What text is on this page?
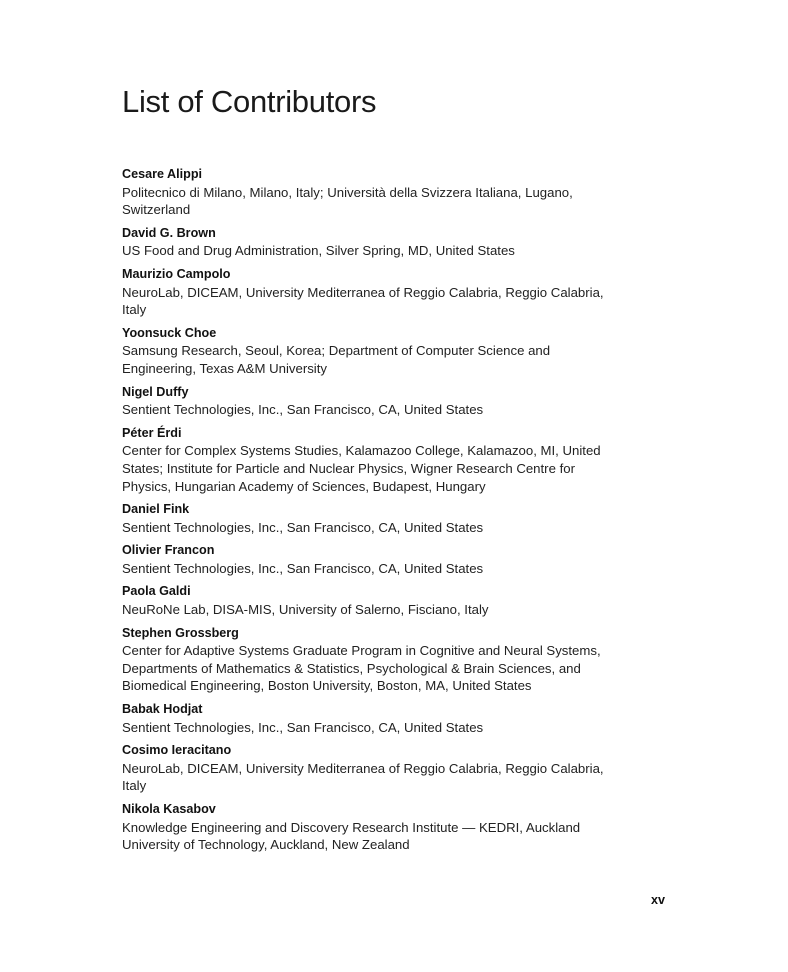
List of Contributors
Cesare Alippi
Politecnico di Milano, Milano, Italy; Università della Svizzera Italiana, Lugano, Switzerland
David G. Brown
US Food and Drug Administration, Silver Spring, MD, United States
Maurizio Campolo
NeuroLab, DICEAM, University Mediterranea of Reggio Calabria, Reggio Calabria, Italy
Yoonsuck Choe
Samsung Research, Seoul, Korea; Department of Computer Science and Engineering, Texas A&M University
Nigel Duffy
Sentient Technologies, Inc., San Francisco, CA, United States
Péter Érdi
Center for Complex Systems Studies, Kalamazoo College, Kalamazoo, MI, United States; Institute for Particle and Nuclear Physics, Wigner Research Centre for Physics, Hungarian Academy of Sciences, Budapest, Hungary
Daniel Fink
Sentient Technologies, Inc., San Francisco, CA, United States
Olivier Francon
Sentient Technologies, Inc., San Francisco, CA, United States
Paola Galdi
NeuRoNe Lab, DISA-MIS, University of Salerno, Fisciano, Italy
Stephen Grossberg
Center for Adaptive Systems Graduate Program in Cognitive and Neural Systems, Departments of Mathematics & Statistics, Psychological & Brain Sciences, and Biomedical Engineering, Boston University, Boston, MA, United States
Babak Hodjat
Sentient Technologies, Inc., San Francisco, CA, United States
Cosimo Ieracitano
NeuroLab, DICEAM, University Mediterranea of Reggio Calabria, Reggio Calabria, Italy
Nikola Kasabov
Knowledge Engineering and Discovery Research Institute — KEDRI, Auckland University of Technology, Auckland, New Zealand
xv
